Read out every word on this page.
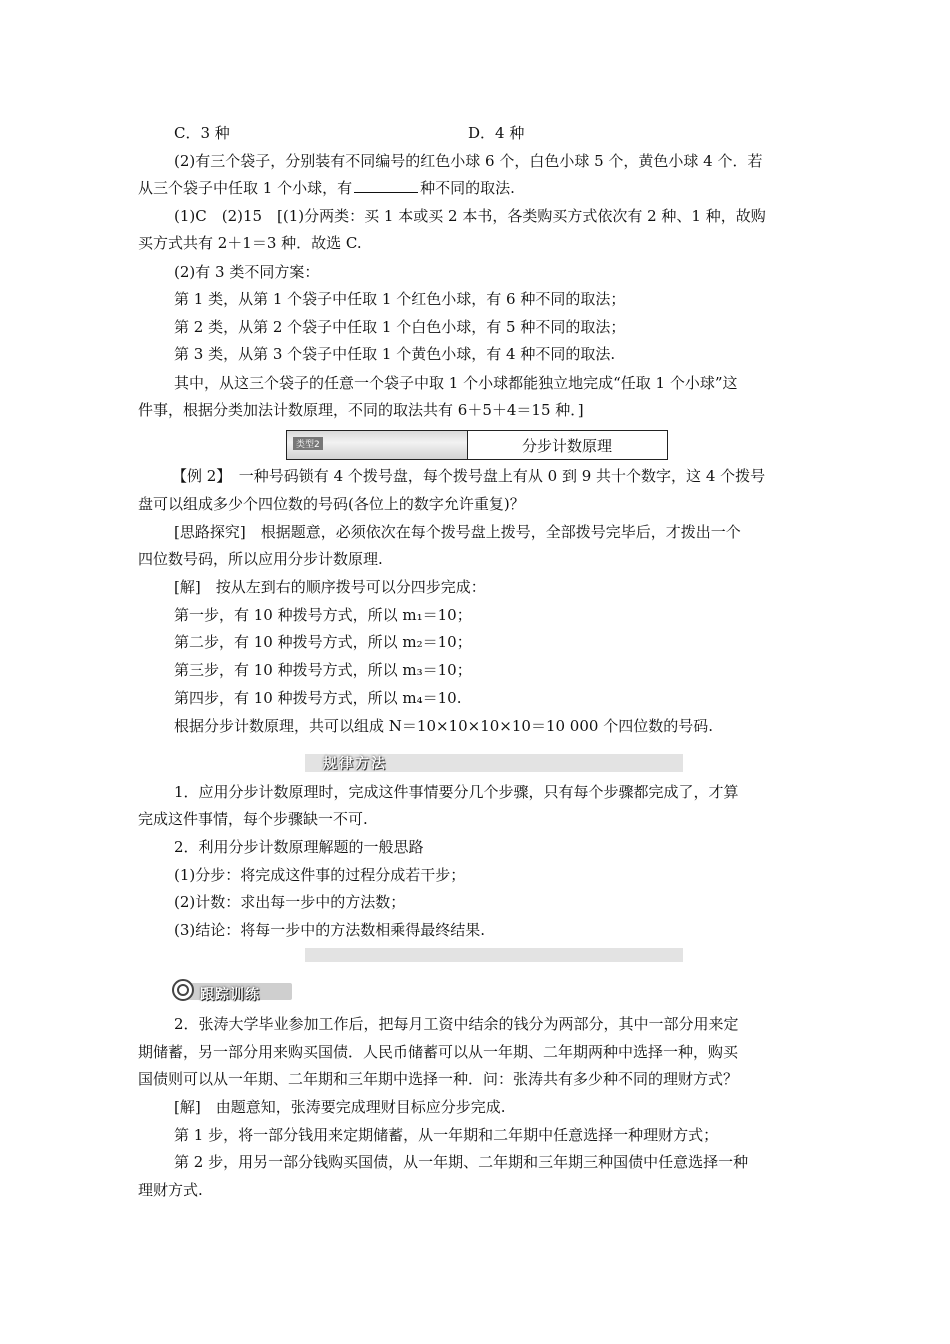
C．3 种	D．4 种
(2)有三个袋子，分别装有不同编号的红色小球 6 个，白色小球 5 个，黄色小球 4 个．若
从三个袋子中任取 1 个小球，有	种不同的取法.
(1)C　(2)15　[(1)分两类：买 1 本或买 2 本书，各类购买方式依次有 2 种、1 种，故购
买方式共有 2＋1＝3 种．故选 C.
(2)有 3 类不同方案：
第 1 类，从第 1 个袋子中任取 1 个红色小球，有 6 种不同的取法；
第 2 类，从第 2 个袋子中任取 1 个白色小球，有 5 种不同的取法；
第 3 类，从第 3 个袋子中任取 1 个黄色小球，有 4 种不同的取法.
其中，从这三个袋子的任意一个袋子中取 1 个小球都能独立地完成“任取 1 个小球”这
件事，根据分类加法计数原理，不同的取法共有 6＋5＋4＝15 种．]
类型2	分步计数原理
【例 2】　一种号码锁有 4 个拨号盘，每个拨号盘上有从 0 到 9 共十个数字，这 4 个拨号
盘可以组成多少个四位数的号码(各位上的数字允许重复)？
[思路探究]　根据题意，必须依次在每个拨号盘上拨号，全部拨号完毕后，才拨出一个
四位数号码，所以应用分步计数原理.
[解]　按从左到右的顺序拨号可以分四步完成：
第一步，有 10 种拨号方式，所以 m₁＝10；
第二步，有 10 种拨号方式，所以 m₂＝10；
第三步，有 10 种拨号方式，所以 m₃＝10；
第四步，有 10 种拨号方式，所以 m₄＝10.
根据分步计数原理，共可以组成 N＝10×10×10×10＝10 000 个四位数的号码.
规律方法
1．应用分步计数原理时，完成这件事情要分几个步骤，只有每个步骤都完成了，才算
完成这件事情，每个步骤缺一不可.
2．利用分步计数原理解题的一般思路
(1)分步：将完成这件事的过程分成若干步；
(2)计数：求出每一步中的方法数；
(3)结论：将每一步中的方法数相乘得最终结果.
跟踪训练
2．张涛大学毕业参加工作后，把每月工资中结余的钱分为两部分，其中一部分用来定
期储蓄，另一部分用来购买国债．人民币储蓄可以从一年期、二年期两种中选择一种，购买
国债则可以从一年期、二年期和三年期中选择一种．问：张涛共有多少种不同的理财方式？
[解]　由题意知，张涛要完成理财目标应分步完成.
第 1 步，将一部分钱用来定期储蓄，从一年期和二年期中任意选择一种理财方式；
第 2 步，用另一部分钱购买国债，从一年期、二年期和三年期三种国债中任意选择一种
理财方式.
